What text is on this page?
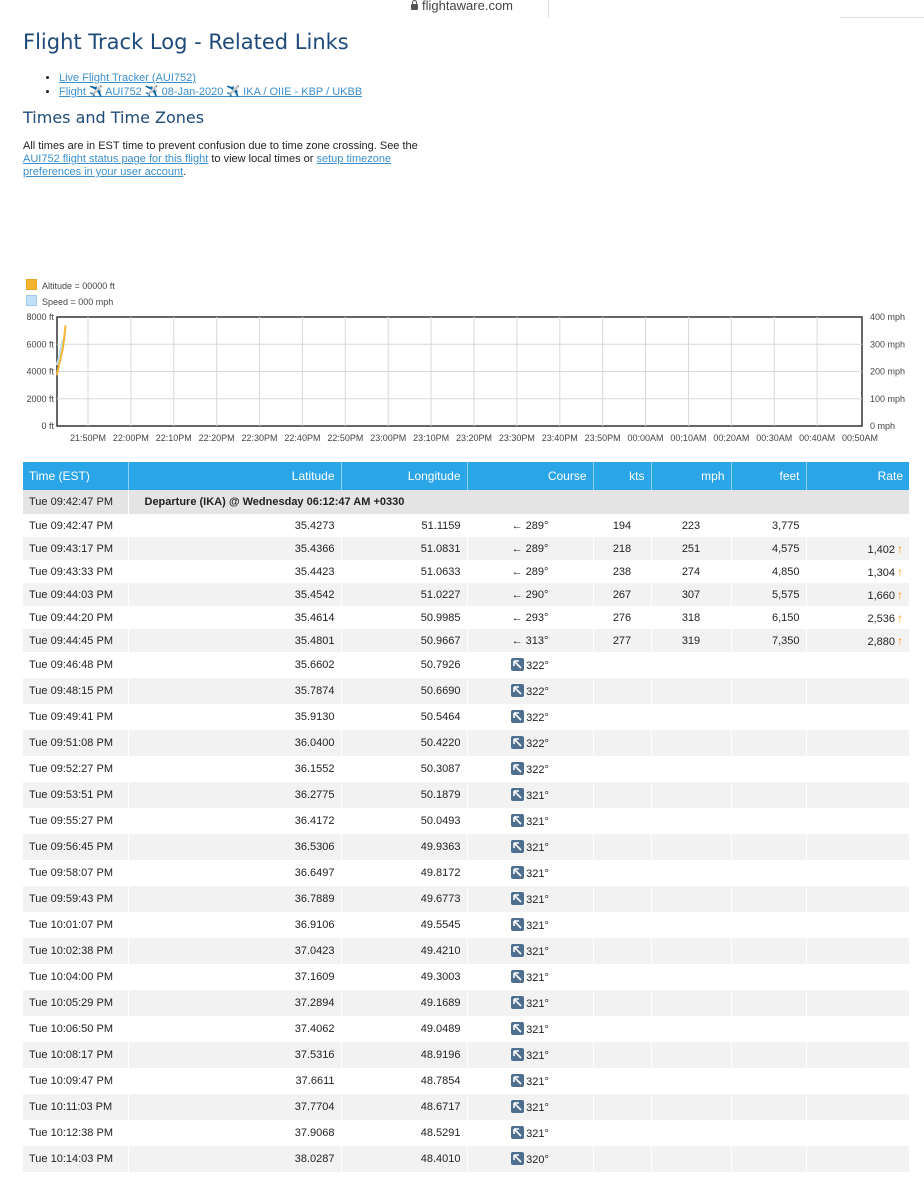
flightaware.com
Flight Track Log - Related Links
• Live Flight Tracker (AUI752)
• Flight ✈️ AUI752 ✈️ 08-Jan-2020 ✈️ IKA / OIIE - KBP / UKBB
Times and Time Zones

All times are in EST time to prevent confusion due to time zone crossing. See the AUI752 flight status page for this flight to view local times or setup timezone preferences in your user account.

Altitude = 00000 ft
Speed = 000 mph
8000 ft
6000 ft
4000 ft
2000 ft
0 ft
400 mph
300 mph
200 mph
100 mph
0 mph
21:50PM 22:00PM 22:10PM 22:20PM 22:30PM 22:40PM 22:50PM 23:00PM 23:10PM 23:20PM 23:30PM 23:40PM 23:50PM 00:00AM 00:10AM 00:20AM 00:30AM 00:40AM 00:50AM
Time (EST)	Latitude	Longitude	Course	kts	mph	feet	Rate
Tue 09:42:47 PM	Departure (IKA) @ Wednesday 06:12:47 AM +0330						
Tue 09:42:47 PM	35.4273	51.1159	← 289°	194	223	3,775	
Tue 09:43:17 PM	35.4366	51.0831	← 289°	218	251	4,575	1,402 ↑
Tue 09:43:33 PM	35.4423	51.0633	← 289°	238	274	4,850	1,304 ↑
Tue 09:44:03 PM	35.4542	51.0227	← 290°	267	307	5,575	1,660 ↑
Tue 09:44:20 PM	35.4614	50.9985	← 293°	276	318	6,150	2,536 ↑
Tue 09:44:45 PM	35.4801	50.9667	← 313°	277	319	7,350	2,880 ↑
Tue 09:46:48 PM	35.6602	50.7926	322°				
Tue 09:48:15 PM	35.7874	50.6690	322°				
Tue 09:49:41 PM	35.9130	50.5464	322°				
Tue 09:51:08 PM	36.0400	50.4220	322°				
Tue 09:52:27 PM	36.1552	50.3087	322°				
Tue 09:53:51 PM	36.2775	50.1879	321°				
Tue 09:55:27 PM	36.4172	50.0493	321°				
Tue 09:56:45 PM	36.5306	49.9363	321°				
Tue 09:58:07 PM	36.6497	49.8172	321°				
Tue 09:59:43 PM	36.7889	49.6773	321°				
Tue 10:01:07 PM	36.9106	49.5545	321°				
Tue 10:02:38 PM	37.0423	49.4210	321°				
Tue 10:04:00 PM	37.1609	49.3003	321°				
Tue 10:05:29 PM	37.2894	49.1689	321°				
Tue 10:06:50 PM	37.4062	49.0489	321°				
Tue 10:08:17 PM	37.5316	48.9196	321°				
Tue 10:09:47 PM	37.6611	48.7854	321°				
Tue 10:11:03 PM	37.7704	48.6717	321°				
Tue 10:12:38 PM	37.9068	48.5291	321°				
Tue 10:14:03 PM	38.0287	48.4010	320°				
